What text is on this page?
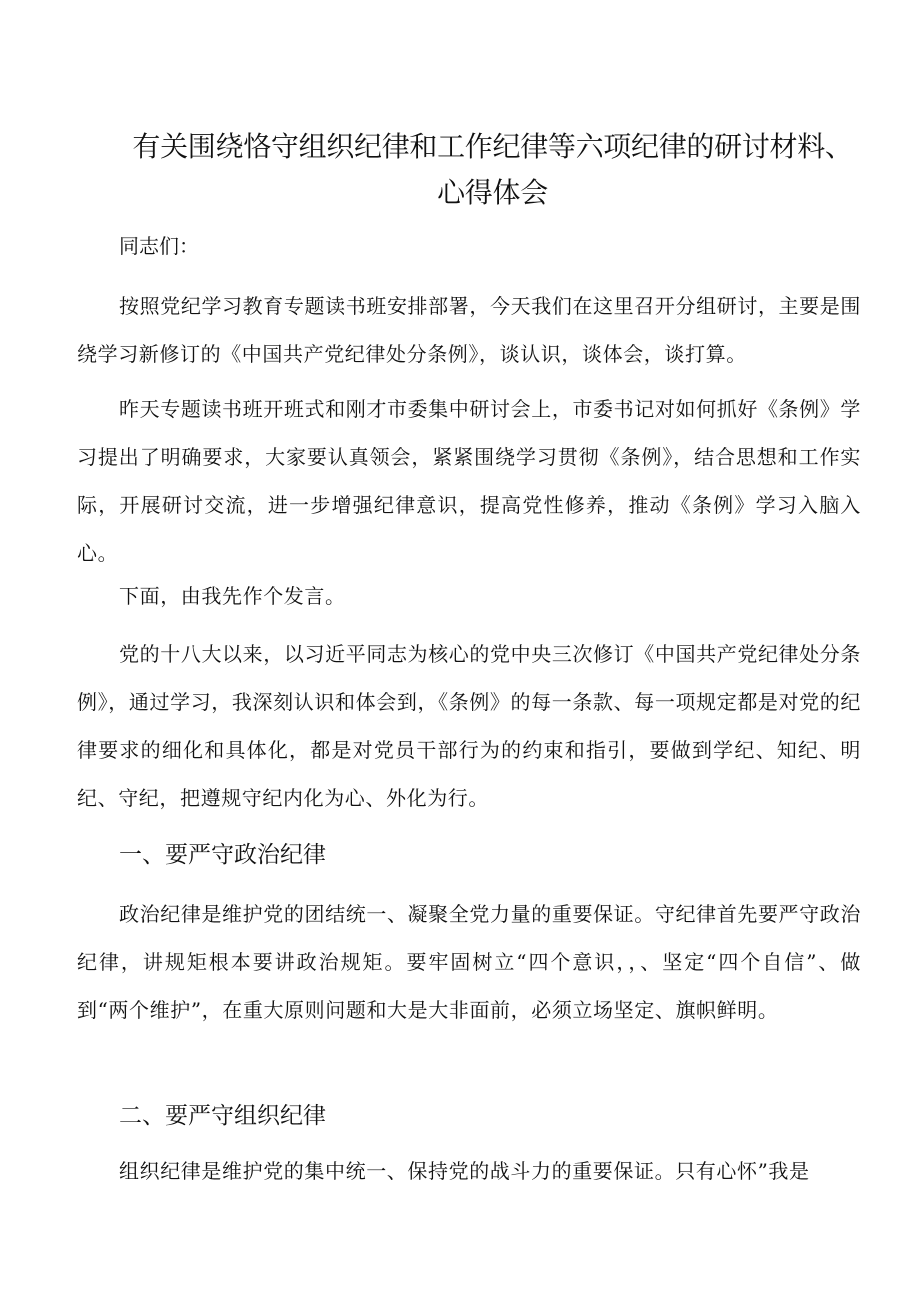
有关围绕恪守组织纪律和工作纪律等六项纪律的研讨材料、心得体会

同志们：

按照党纪学习教育专题读书班安排部署，今天我们在这里召开分组研讨，主要是围绕学习新修订的《中国共产党纪律处分条例》，谈认识，谈体会，谈打算。

昨天专题读书班开班式和刚才市委集中研讨会上，市委书记对如何抓好《条例》学习提出了明确要求，大家要认真领会，紧紧围绕学习贯彻《条例》，结合思想和工作实际，开展研讨交流，进一步增强纪律意识，提高党性修养，推动《条例》学习入脑入心。

下面，由我先作个发言。

党的十八大以来，以习近平同志为核心的党中央三次修订《中国共产党纪律处分条例》，通过学习，我深刻认识和体会到，《条例》的每一条款、每一项规定都是对党的纪律要求的细化和具体化，都是对党员干部行为的约束和指引，要做到学纪、知纪、明纪、守纪，把遵规守纪内化为心、外化为行。

一、要严守政治纪律

政治纪律是维护党的团结统一、凝聚全党力量的重要保证。守纪律首先要严守政治纪律，讲规矩根本要讲政治规矩。要牢固树立“四个意识，，、坚定“四个自信”、做到“两个维护”，在重大原则问题和大是大非面前，必须立场坚定、旗帜鲜明。

二、要严守组织纪律

组织纪律是维护党的集中统一、保持党的战斗力的重要保证。只有心怀”我是
